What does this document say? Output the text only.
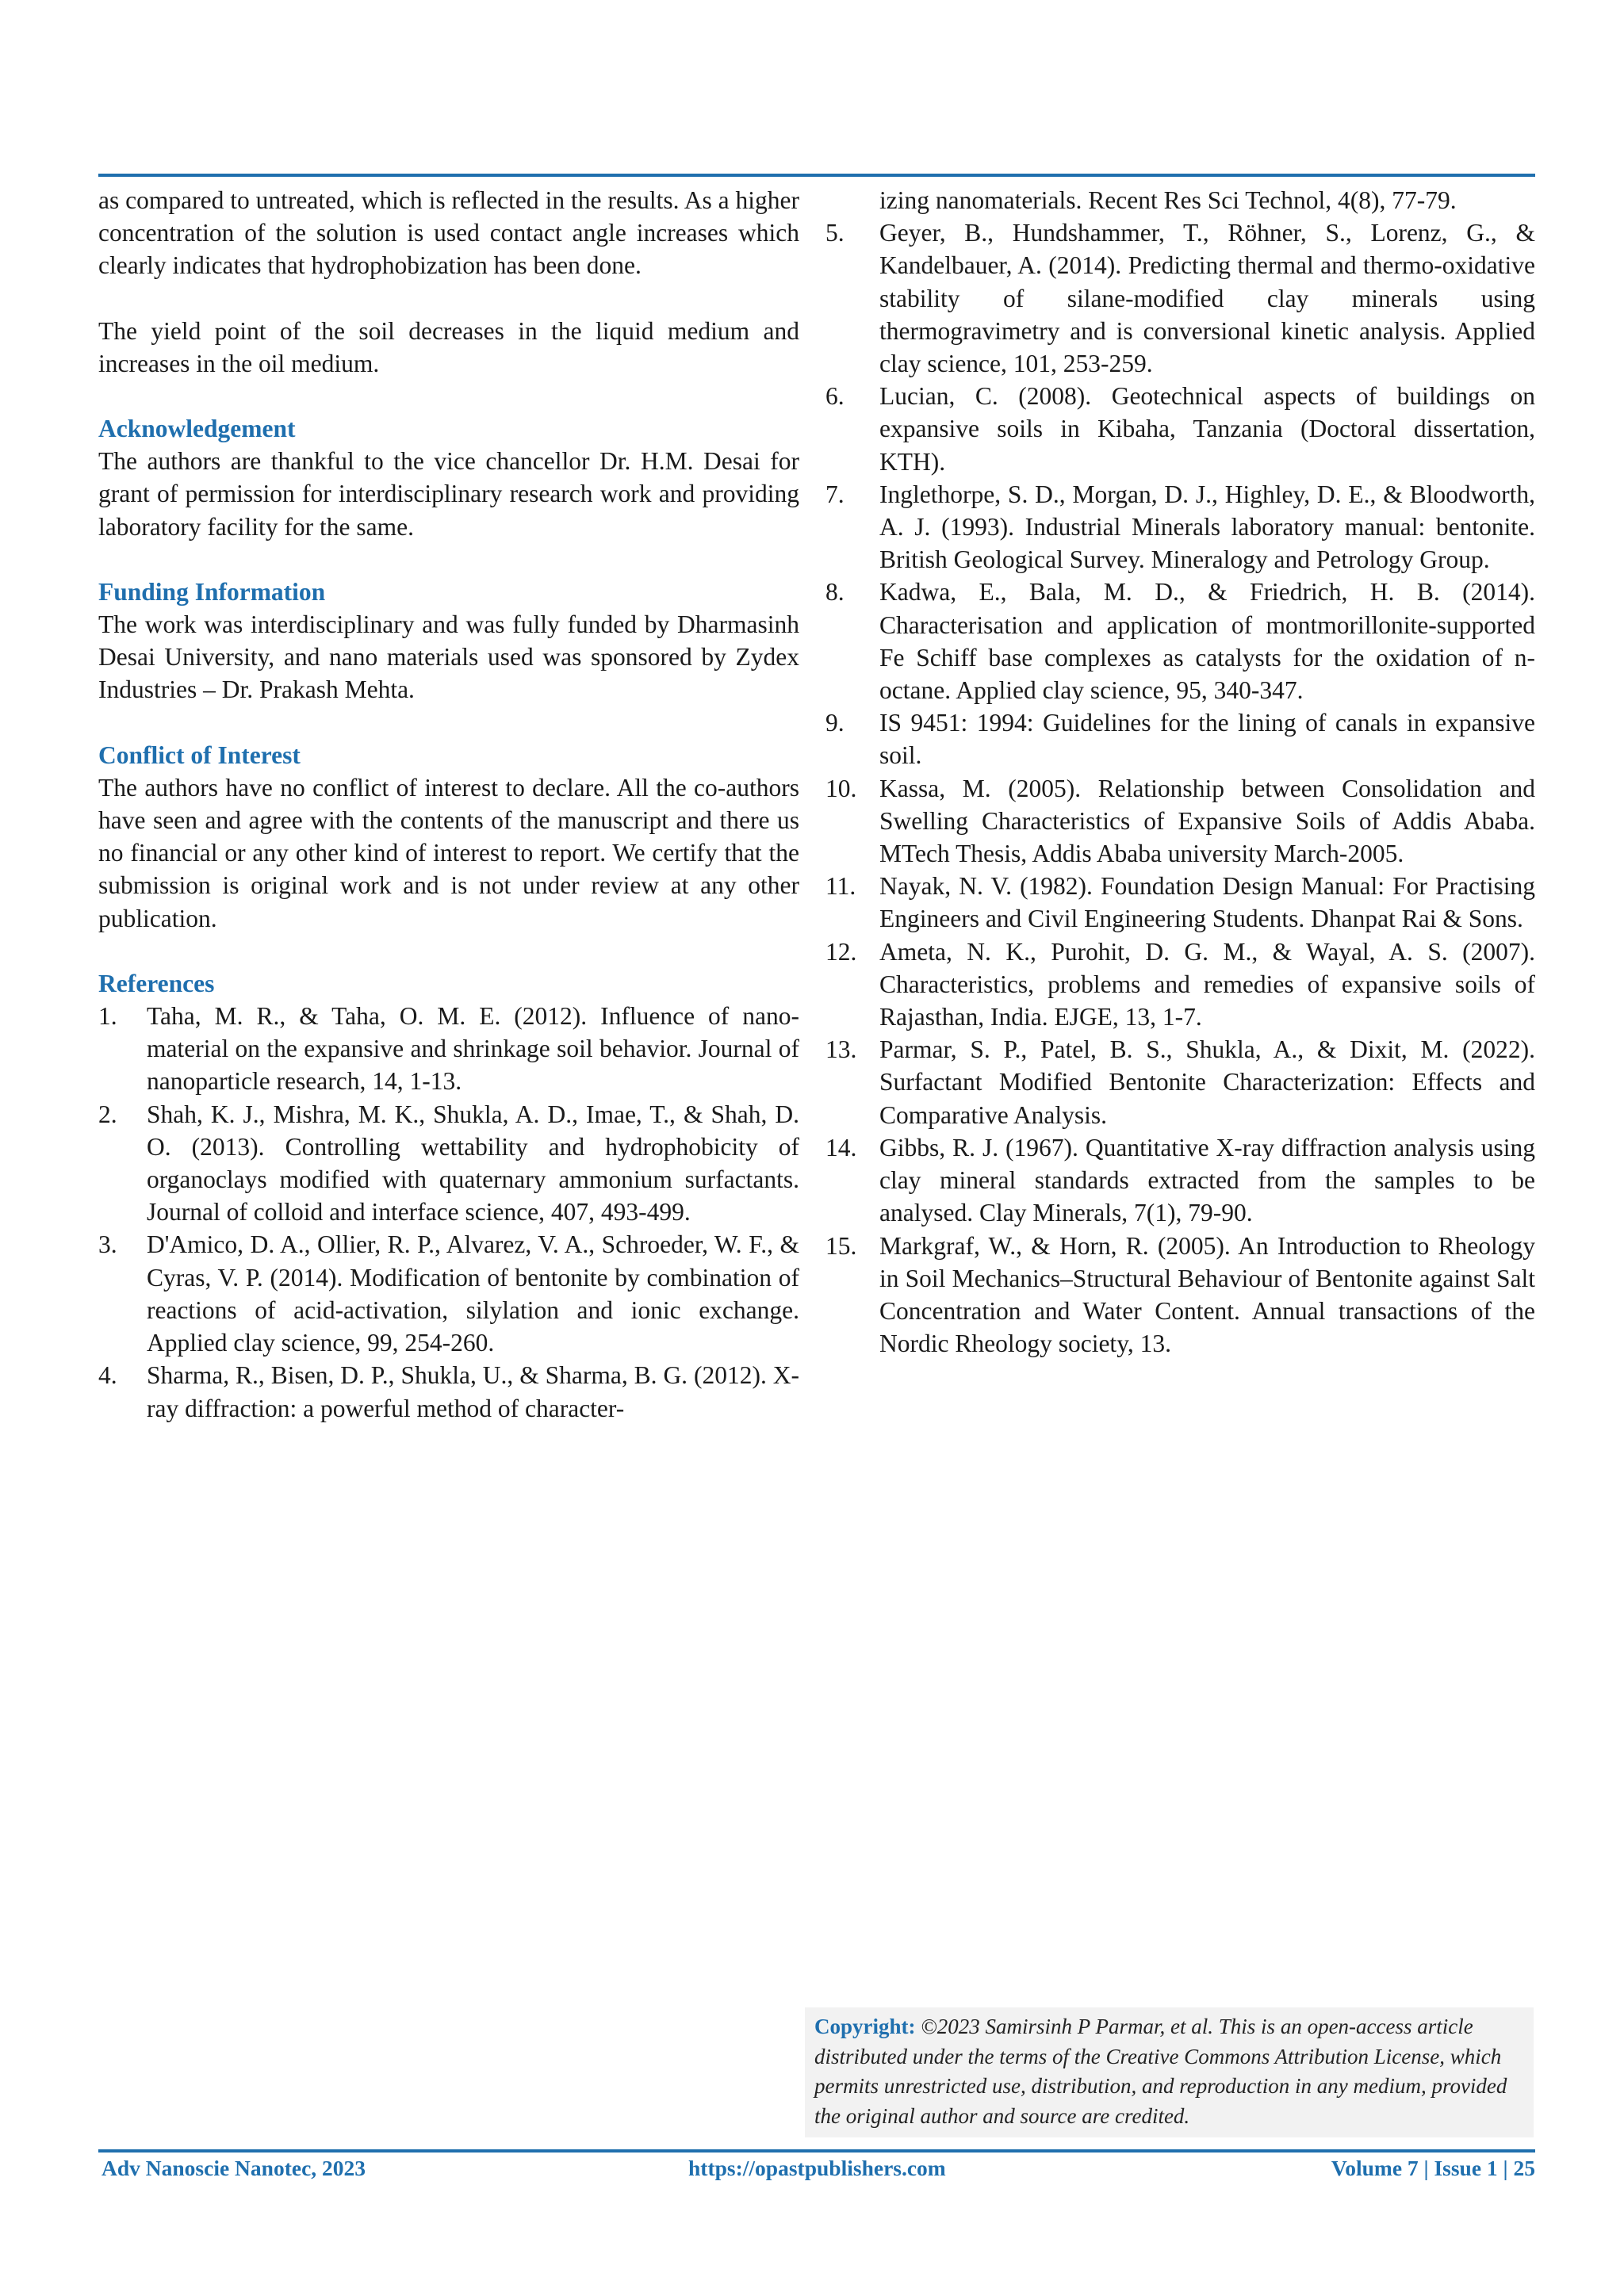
as compared to untreated, which is reflected in the results. As a higher concentration of the solution is used contact angle increases which clearly indicates that hydrophobization has been done.

The yield point of the soil decreases in the liquid medium and increases in the oil medium.

Acknowledgement

The authors are thankful to the vice chancellor Dr. H.M. Desai for grant of permission for interdisciplinary research work and providing laboratory facility for the same.

Funding Information

The work was interdisciplinary and was fully funded by Dharmasinh Desai University, and nano materials used was sponsored by Zydex Industries – Dr. Prakash Mehta.

Conflict of Interest

The authors have no conflict of interest to declare. All the co-authors have seen and agree with the contents of the manuscript and there us no financial or any other kind of interest to report. We certify that the submission is original work and is not under review at any other publication.

References

1. Taha, M. R., & Taha, O. M. E. (2012). Influence of nano-material on the expansive and shrinkage soil behavior. Journal of nanoparticle research, 14, 1-13.
2. Shah, K. J., Mishra, M. K., Shukla, A. D., Imae, T., & Shah, D. O. (2013). Controlling wettability and hydrophobicity of organoclays modified with quaternary ammonium surfactants. Journal of colloid and interface science, 407, 493-499.
3. D'Amico, D. A., Ollier, R. P., Alvarez, V. A., Schroeder, W. F., & Cyras, V. P. (2014). Modification of bentonite by combination of reactions of acid-activation, silylation and ionic exchange. Applied clay science, 99, 254-260.
4. Sharma, R., Bisen, D. P., Shukla, U., & Sharma, B. G. (2012). X-ray diffraction: a powerful method of character-

izing nanomaterials. Recent Res Sci Technol, 4(8), 77-79.

5. Geyer, B., Hundshammer, T., Röhner, S., Lorenz, G., & Kandelbauer, A. (2014). Predicting thermal and thermo-oxidative stability of silane-modified clay minerals using thermogravimetry and is conversional kinetic analysis. Applied clay science, 101, 253-259.
6. Lucian, C. (2008). Geotechnical aspects of buildings on expansive soils in Kibaha, Tanzania (Doctoral dissertation, KTH).
7. Inglethorpe, S. D., Morgan, D. J., Highley, D. E., & Bloodworth, A. J. (1993). Industrial Minerals laboratory manual: bentonite. British Geological Survey. Mineralogy and Petrology Group.
8. Kadwa, E., Bala, M. D., & Friedrich, H. B. (2014). Characterisation and application of montmorillonite-supported Fe Schiff base complexes as catalysts for the oxidation of n-octane. Applied clay science, 95, 340-347.
9. IS 9451: 1994: Guidelines for the lining of canals in expansive soil.
10. Kassa, M. (2005). Relationship between Consolidation and Swelling Characteristics of Expansive Soils of Addis Ababa. MTech Thesis, Addis Ababa university March-2005.
11. Nayak, N. V. (1982). Foundation Design Manual: For Practising Engineers and Civil Engineering Students. Dhanpat Rai & Sons.
12. Ameta, N. K., Purohit, D. G. M., & Wayal, A. S. (2007). Characteristics, problems and remedies of expansive soils of Rajasthan, India. EJGE, 13, 1-7.
13. Parmar, S. P., Patel, B. S., Shukla, A., & Dixit, M. (2022). Surfactant Modified Bentonite Characterization: Effects and Comparative Analysis.
14. Gibbs, R. J. (1967). Quantitative X-ray diffraction analysis using clay mineral standards extracted from the samples to be analysed. Clay Minerals, 7(1), 79-90.
15. Markgraf, W., & Horn, R. (2005). An Introduction to Rheology in Soil Mechanics–Structural Behaviour of Bentonite against Salt Concentration and Water Content. Annual transactions of the Nordic Rheology society, 13.
Copyright: ©2023 Samirsinh P Parmar, et al. This is an open-access article distributed under the terms of the Creative Commons Attribution License, which permits unrestricted use, distribution, and reproduction in any medium, provided the original author and source are credited.
Adv Nanoscie Nanotec, 2023	https://opastpublishers.com	Volume 7 | Issue 1 | 25
